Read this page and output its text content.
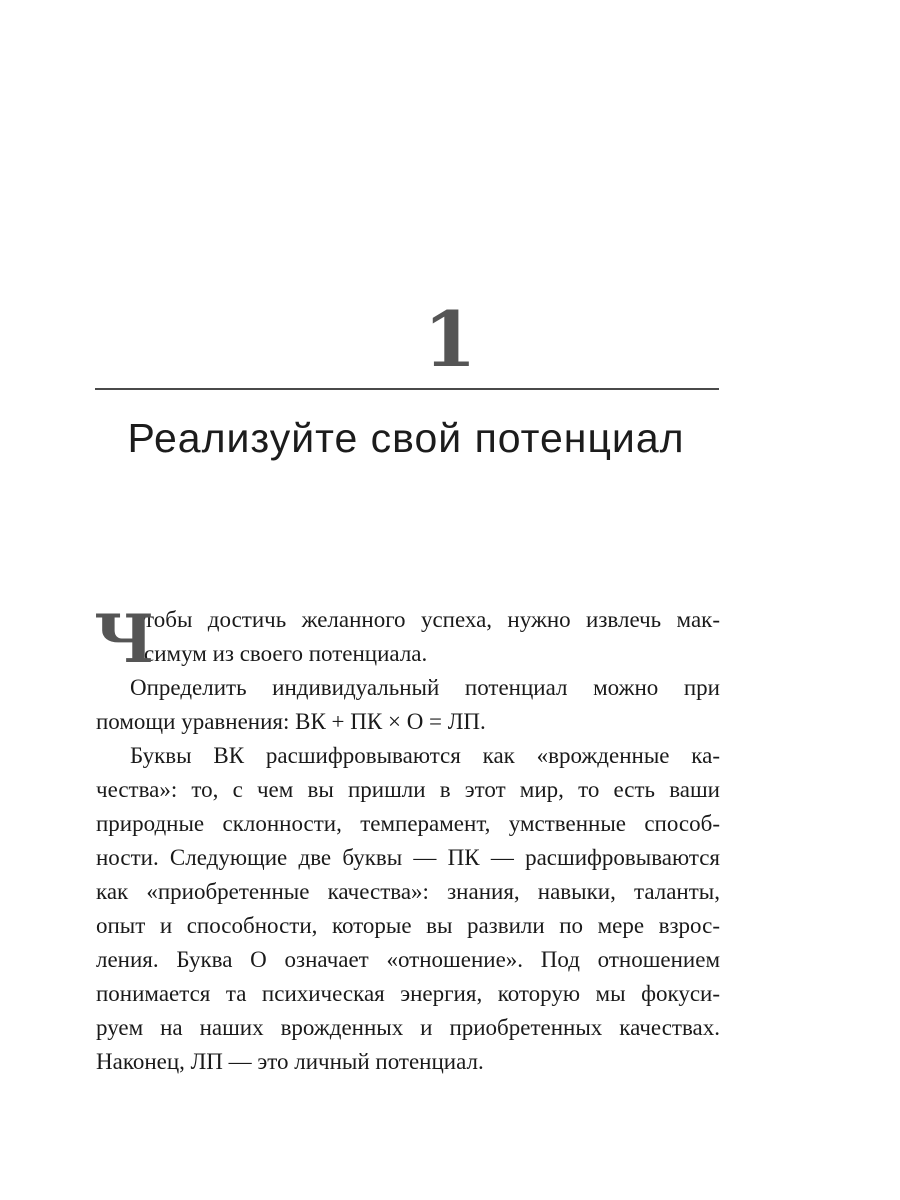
1
Реализуйте свой потенциал
Ч
тобы достичь желанного успеха, нужно извлечь мак-
симум из своего потенциала.
Определить индивидуальный потенциал можно при
помощи уравнения: ВК + ПК × О = ЛП.
Буквы ВК расшифровываются как «врожденные ка-
чества»: то, с чем вы пришли в этот мир, то есть ваши
природные склонности, темперамент, умственные способ-
ности. Следующие две буквы — ПК — расшифровываются
как «приобретенные качества»: знания, навыки, таланты,
опыт и способности, которые вы развили по мере взрос-
ления. Буква О означает «отношение». Под отношением
понимается та психическая энергия, которую мы фокуси-
руем на наших врожденных и приобретенных качествах.
Наконец, ЛП — это личный потенциал.
